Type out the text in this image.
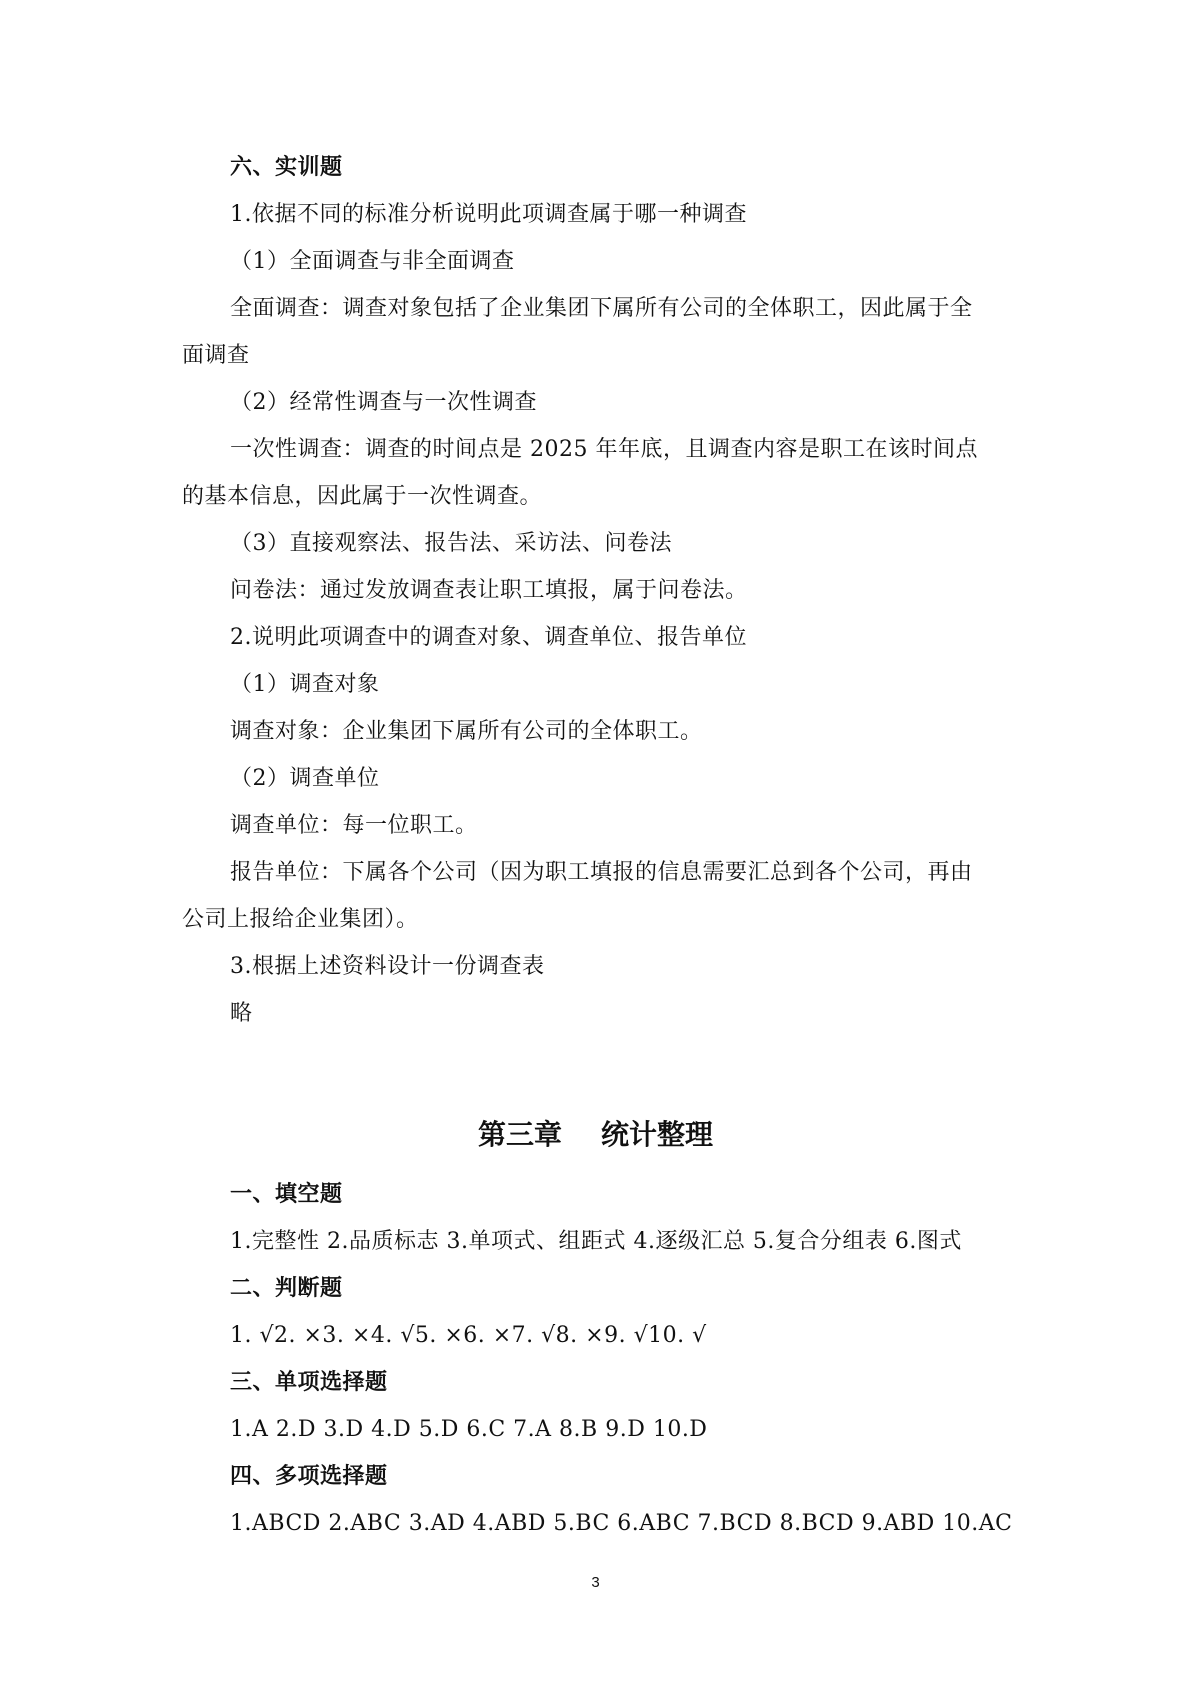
六、实训题
1.依据不同的标准分析说明此项调查属于哪一种调查
（1）全面调查与非全面调查
全面调查：调查对象包括了企业集团下属所有公司的全体职工，因此属于全
面调查
（2）经常性调查与一次性调查
一次性调查：调查的时间点是 2025 年年底，且调查内容是职工在该时间点
的基本信息，因此属于一次性调查。
（3）直接观察法、报告法、采访法、问卷法
问卷法：通过发放调查表让职工填报，属于问卷法。
2.说明此项调查中的调查对象、调查单位、报告单位
（1）调查对象
调查对象：企业集团下属所有公司的全体职工。
（2）调查单位
调查单位：每一位职工。
报告单位：下属各个公司（因为职工填报的信息需要汇总到各个公司，再由
公司上报给企业集团）。
3.根据上述资料设计一份调查表
略
第三章    统计整理
一、填空题
1.完整性 2.品质标志 3.单项式、组距式 4.逐级汇总 5.复合分组表 6.图式
二、判断题
1. √2. ×3. ×4. √5. ×6. ×7. √8. ×9. √10. √
三、单项选择题
1.A 2.D 3.D 4.D 5.D 6.C 7.A 8.B 9.D 10.D
四、多项选择题
1.ABCD 2.ABC 3.AD 4.ABD 5.BC 6.ABC 7.BCD 8.BCD 9.ABD 10.AC
3
